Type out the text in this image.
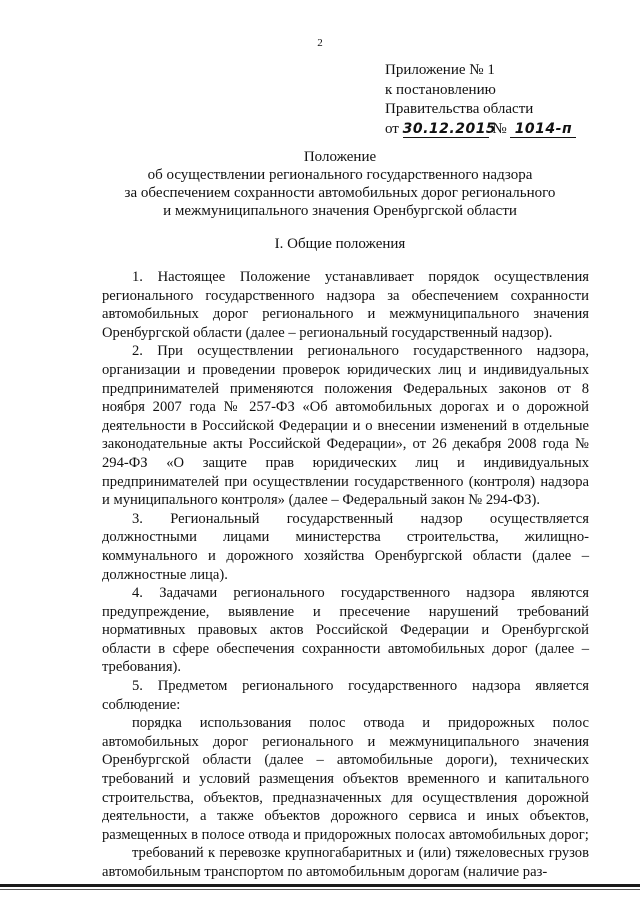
2
Приложение № 1
к постановлению
Правительства области
от 30.12.2015 № 1014-п
Положение
об осуществлении регионального государственного надзора
за обеспечением сохранности автомобильных дорог регионального
и межмуниципального значения Оренбургской области
I. Общие положения

1. Настоящее Положение устанавливает порядок осуществления регионального государственного надзора за обеспечением сохранности автомобильных дорог регионального и межмуниципального значения Оренбургской области (далее – региональный государственный надзор).

2. При осуществлении регионального государственного надзора, организации и проведении проверок юридических лиц и индивидуальных предпринимателей применяются положения Федеральных законов от 8 ноября 2007 года № 257-ФЗ «Об автомобильных дорогах и о дорожной деятельности в Российской Федерации и о внесении изменений в отдельные законодательные акты Российской Федерации», от 26 декабря 2008 года № 294-ФЗ «О защите прав юридических лиц и индивидуальных предпринимателей при осуществлении государственного (контроля) надзора и муниципального контроля» (далее – Федеральный закон № 294-ФЗ).

3. Региональный государственный надзор осуществляется должностными лицами министерства строительства, жилищно-коммунального и дорожного хозяйства Оренбургской области (далее – должностные лица).

4. Задачами регионального государственного надзора являются предупреждение, выявление и пресечение нарушений требований нормативных правовых актов Российской Федерации и Оренбургской области в сфере обеспечения сохранности автомобильных дорог (далее – требования).

5. Предметом регионального государственного надзора является соблюдение:

порядка использования полос отвода и придорожных полос автомобильных дорог регионального и межмуниципального значения Оренбургской области (далее – автомобильные дороги), технических требований и условий размещения объектов временного и капитального строительства, объектов, предназначенных для осуществления дорожной деятельности, а также объектов дорожного сервиса и иных объектов, размещенных в полосе отвода и придорожных полосах автомобильных дорог;

требований к перевозке крупногабаритных и (или) тяжеловесных грузов автомобильным транспортом по автомобильным дорогам (наличие раз-
